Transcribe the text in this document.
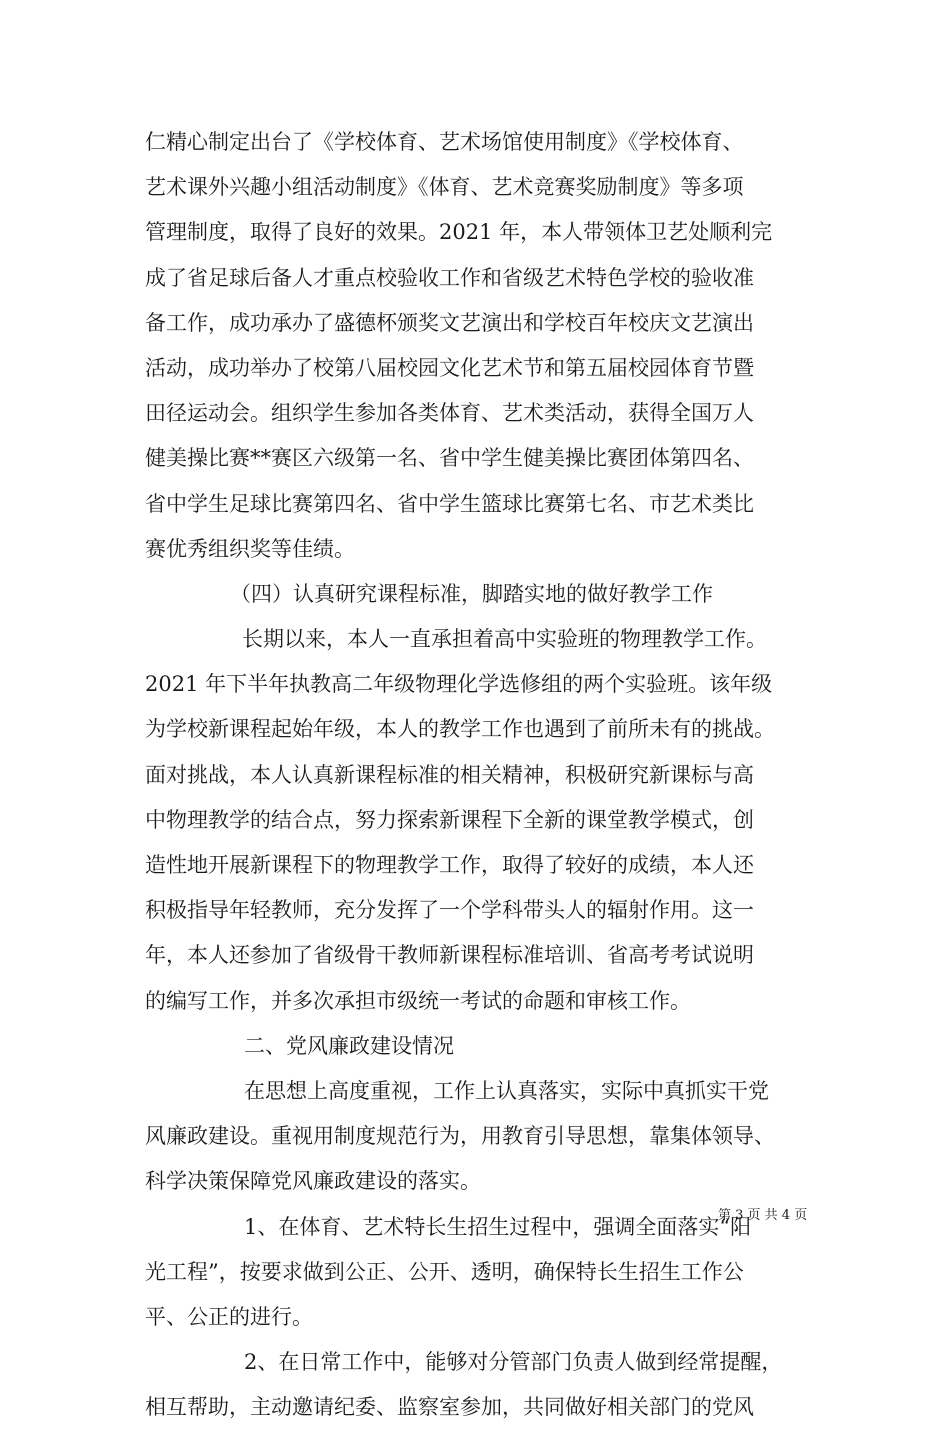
仁精心制定出台了《学校体育、艺术场馆使用制度》《学校体育、
艺术课外兴趣小组活动制度》《体育、艺术竞赛奖励制度》等多项
管理制度，取得了良好的效果。2021 年，本人带领体卫艺处顺利完
成了省足球后备人才重点校验收工作和省级艺术特色学校的验收准
备工作，成功承办了盛德杯颁奖文艺演出和学校百年校庆文艺演出
活动，成功举办了校第八届校园文化艺术节和第五届校园体育节暨
田径运动会。组织学生参加各类体育、艺术类活动，获得全国万人
健美操比赛**赛区六级第一名、省中学生健美操比赛团体第四名、
省中学生足球比赛第四名、省中学生篮球比赛第七名、市艺术类比
赛优秀组织奖等佳绩。
（四）认真研究课程标准，脚踏实地的做好教学工作
长期以来，本人一直承担着高中实验班的物理教学工作。
2021 年下半年执教高二年级物理化学选修组的两个实验班。该年级
为学校新课程起始年级，本人的教学工作也遇到了前所未有的挑战。
面对挑战，本人认真新课程标准的相关精神，积极研究新课标与高
中物理教学的结合点，努力探索新课程下全新的课堂教学模式，创
造性地开展新课程下的物理教学工作，取得了较好的成绩，本人还
积极指导年轻教师，充分发挥了一个学科带头人的辐射作用。这一
年，本人还参加了省级骨干教师新课程标准培训、省高考考试说明
的编写工作，并多次承担市级统一考试的命题和审核工作。
二、党风廉政建设情况
在思想上高度重视，工作上认真落实，实际中真抓实干党
风廉政建设。重视用制度规范行为，用教育引导思想，靠集体领导、
科学决策保障党风廉政建设的落实。
1、在体育、艺术特长生招生过程中，强调全面落实“阳
光工程”，按要求做到公正、公开、透明，确保特长生招生工作公
平、公正的进行。
2、在日常工作中，能够对分管部门负责人做到经常提醒，
相互帮助，主动邀请纪委、监察室参加，共同做好相关部门的党风
第 3 页 共 4 页
